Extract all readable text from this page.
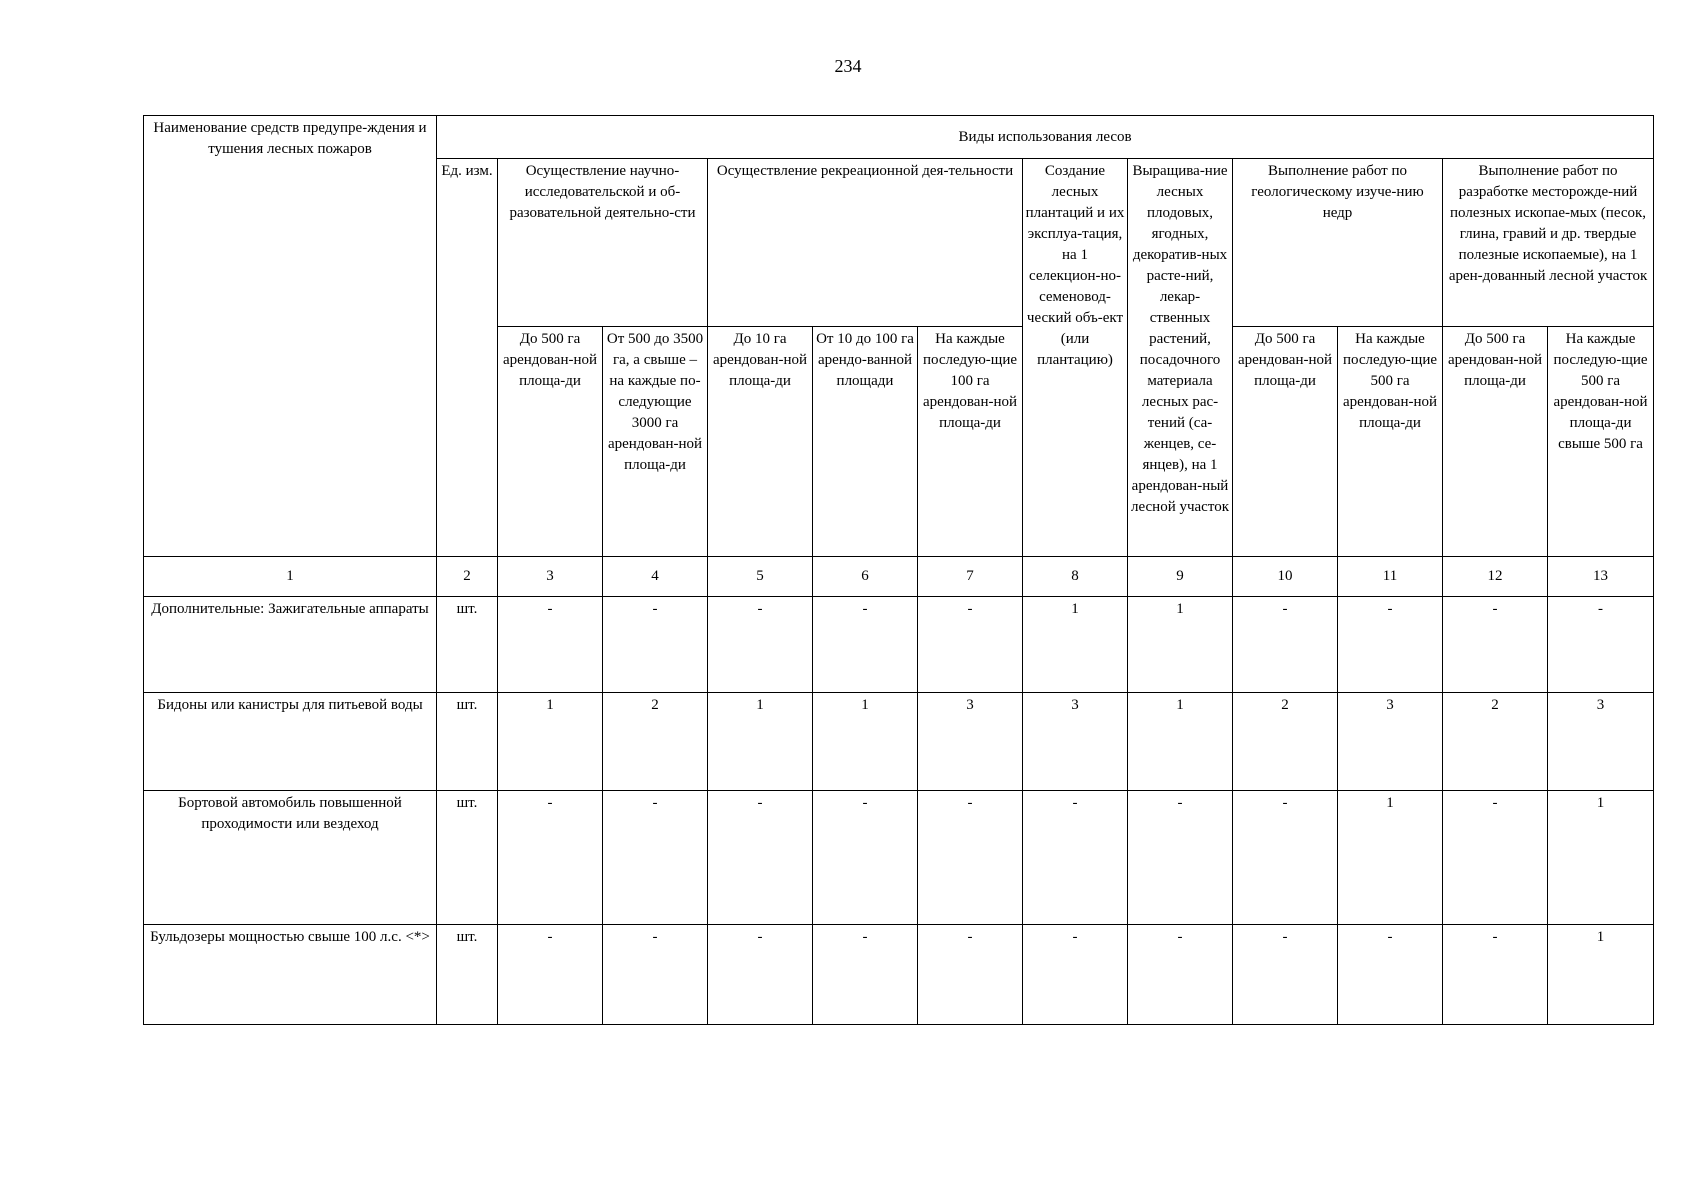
234
Наименование средств предупре-ждения и тушения лесных пожаров	Виды использования лесов											
	Ед. изм.	Осуществление научно-исследовательской и об-разовательной деятельно-сти		Осуществление рекреационной дея-тельности			Создание лесных плантаций и их эксплуа-тация, на 1 селекцион-но-семеновод-ческий объ-ект (или плантацию)	Выращива-ние лесных плодовых, ягодных, декоратив-ных расте-ний, лекар-ственных растений, посадочного материала лесных рас-тений (са-женцев, се-янцев), на 1 арендован-ный лесной участок	Выполнение работ по геологическому изуче-нию недр		Выполнение работ по разработке месторожде-ний полезных ископае-мых (песок, глина, гравий и др. твердые полезные ископаемые), на 1 арен-дованный лесной участок	
		До 500 га арендован-ной площа-ди	От 500 до 3500 га, а свыше – на каждые по-следующие 3000 га арендован-ной площа-ди	До 10 га арендован-ной площа-ди	От 10 до 100 га арендо-ванной площади	На каждые последую-щие 100 га арендован-ной площа-ди			До 500 га арендован-ной площа-ди	На каждые последую-щие 500 га арендован-ной площа-ди	До 500 га арендован-ной площа-ди	На каждые последую-щие 500 га арендован-ной площа-ди свыше 500 га
1	2	3	4	5	6	7	8	9	10	11	12	13
Дополнительные: Зажигательные аппараты	шт.	-	-	-	-	-	1	1	-	-	-	-
Бидоны или канистры для питьевой воды	шт.	1	2	1	1	3	3	1	2	3	2	3
Бортовой автомобиль повышенной проходимости или вездеход	шт.	-	-	-	-	-	-	-	-	1	-	1
Бульдозеры мощностью свыше 100 л.с. <*>	шт.	-	-	-	-	-	-	-	-	-	-	1
